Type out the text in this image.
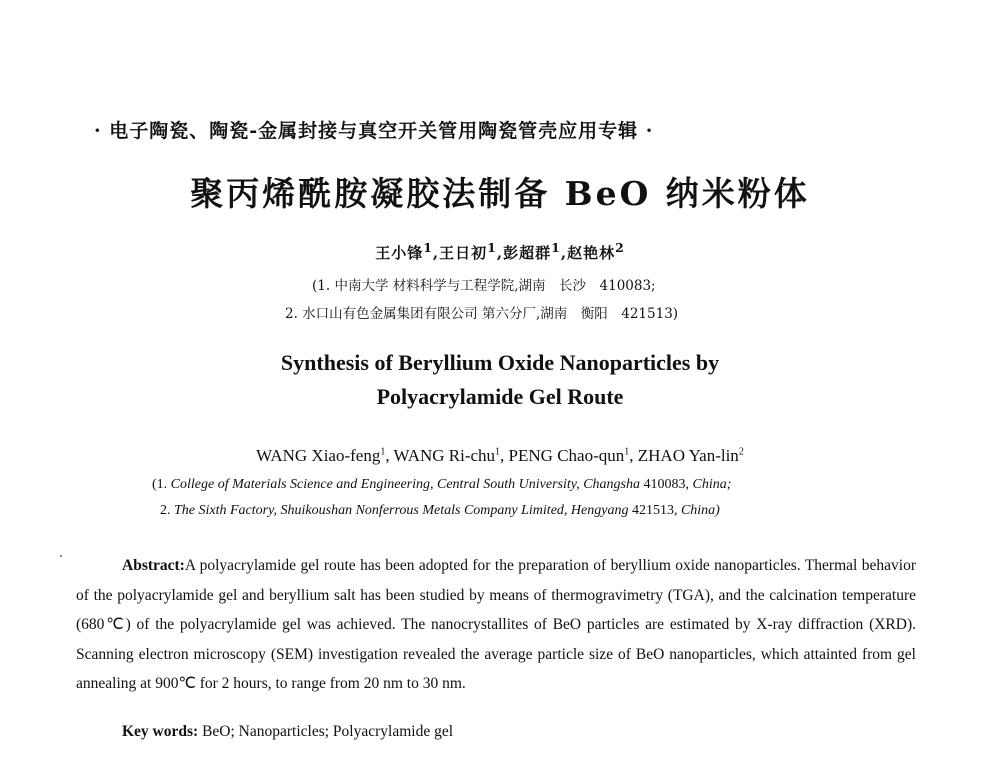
· 电子陶瓷、陶瓷-金属封接与真空开关管用陶瓷管壳应用专辑 ·
聚丙烯酰胺凝胶法制备 BeO 纳米粉体
王小锋$^1$,王日初$^1$,彭超群$^1$,赵艳林$^2$
(1. 中南大学 材料科学与工程学院,湖南　长沙　410083;
2. 水口山有色金属集团有限公司 第六分厂,湖南　衡阳　421513)
Synthesis of Beryllium Oxide Nanoparticles by
Polyacrylamide Gel Route
WANG Xiao-feng$^1$, WANG Ri-chu$^1$, PENG Chao-qun$^1$, ZHAO Yan-lin$^2$
(1. College of Materials Science and Engineering, Central South University, Changsha 410083, China;
2. The Sixth Factory, Shuikoushan Nonferrous Metals Company Limited, Hengyang 421513, China)

Abstract:A polyacrylamide gel route has been adopted for the preparation of beryllium oxide nanoparticles. Thermal behavior of the polyacrylamide gel and beryllium salt has been studied by means of thermogravimetry (TGA), and the calcination temperature (680℃) of the polyacrylamide gel was achieved. The nanocrystallites of BeO particles are estimated by X-ray diffraction (XRD). Scanning electron microscopy (SEM) investigation revealed the average particle size of BeO nanoparticles, which attainted from gel annealing at 900℃ for 2 hours, to range from 20 nm to 30 nm.

Key words: BeO; Nanoparticles; Polyacrylamide gel
